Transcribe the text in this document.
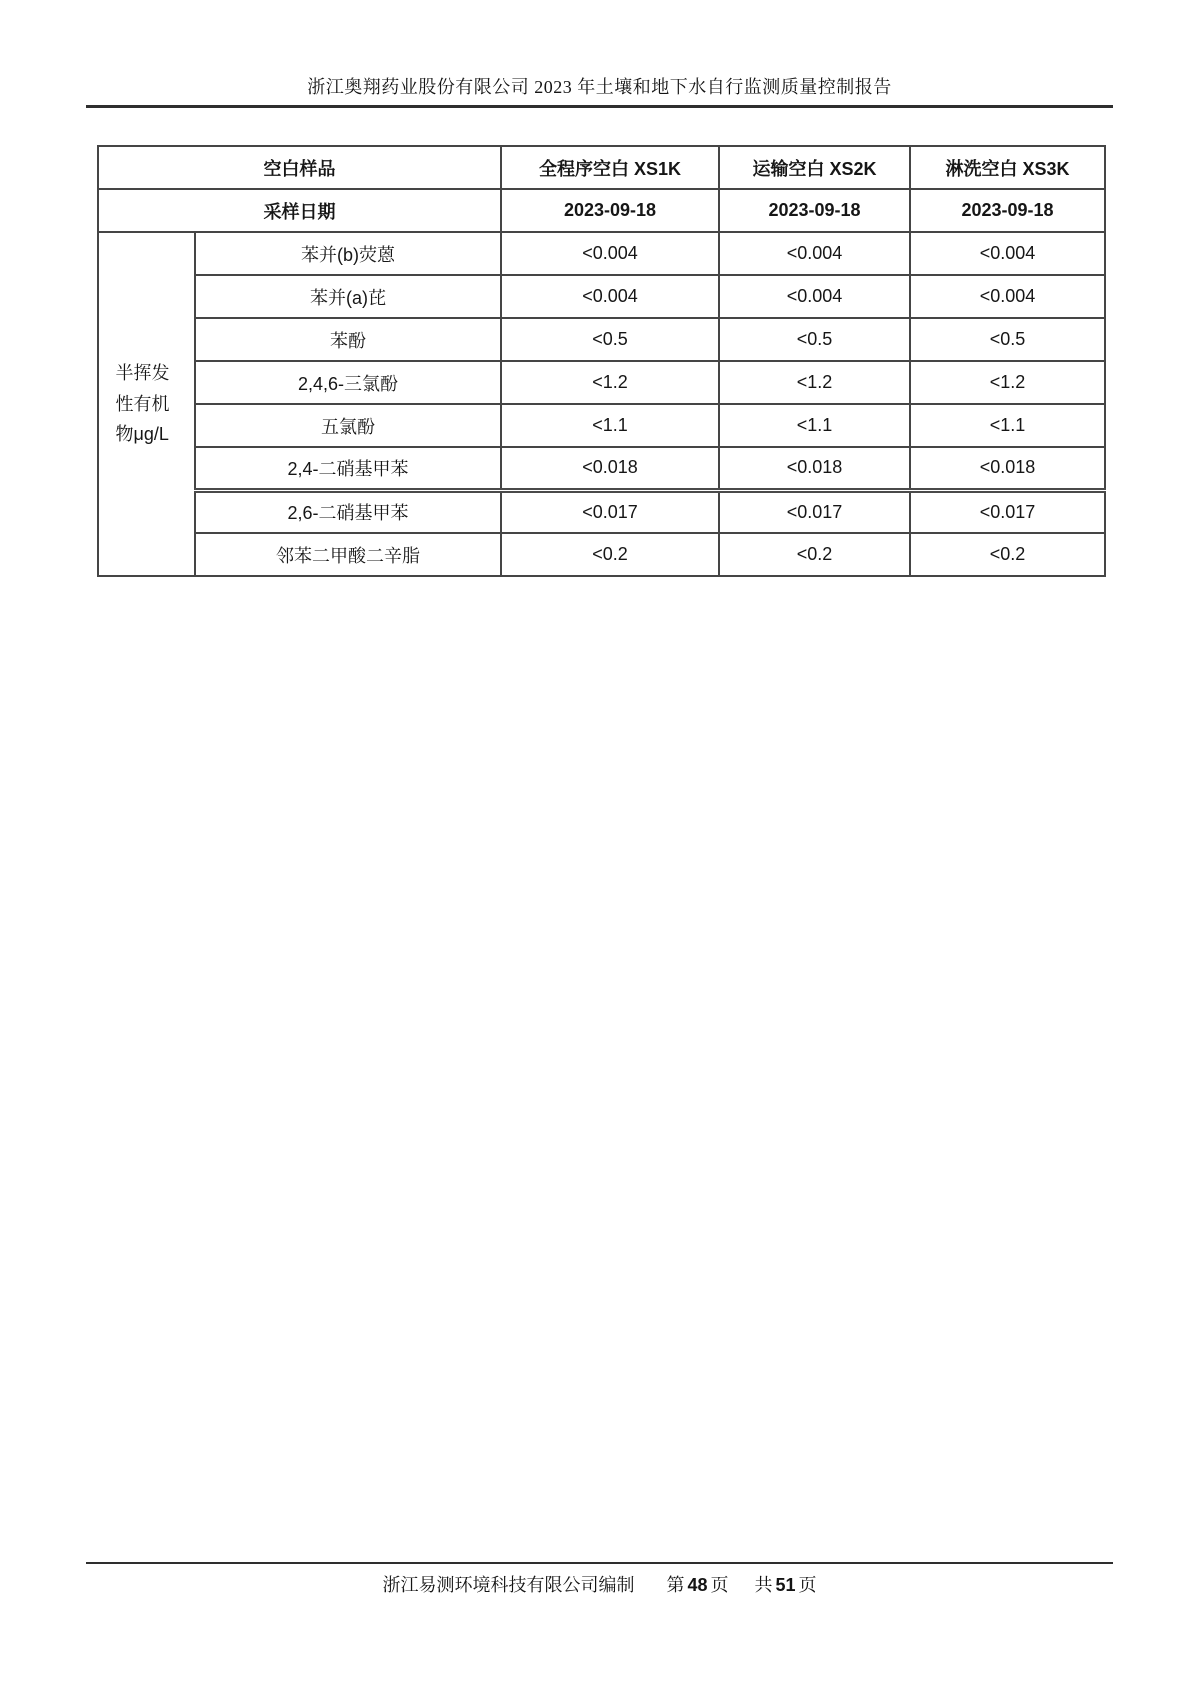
浙江奥翔药业股份有限公司 2023 年土壤和地下水自行监测质量控制报告
空白样品		全程序空白 XS1K	运输空白 XS2K	淋洗空白 XS3K
采样日期		2023-09-18	2023-09-18	2023-09-18

半挥发性有机物μg/L	苯并(b)荧蒽	<0.004	<0.004	<0.004
	苯并(a)芘	<0.004	<0.004	<0.004
	苯酚	<0.5	<0.5	<0.5
	2,4,6-三氯酚	<1.2	<1.2	<1.2
	五氯酚	<1.1	<1.1	<1.1
	2,4-二硝基甲苯	<0.018	<0.018	<0.018
	2,6-二硝基甲苯	<0.017	<0.017	<0.017
	邻苯二甲酸二辛脂	<0.2	<0.2	<0.2
浙江易测环境科技有限公司编制 第 48 页 共 51 页
